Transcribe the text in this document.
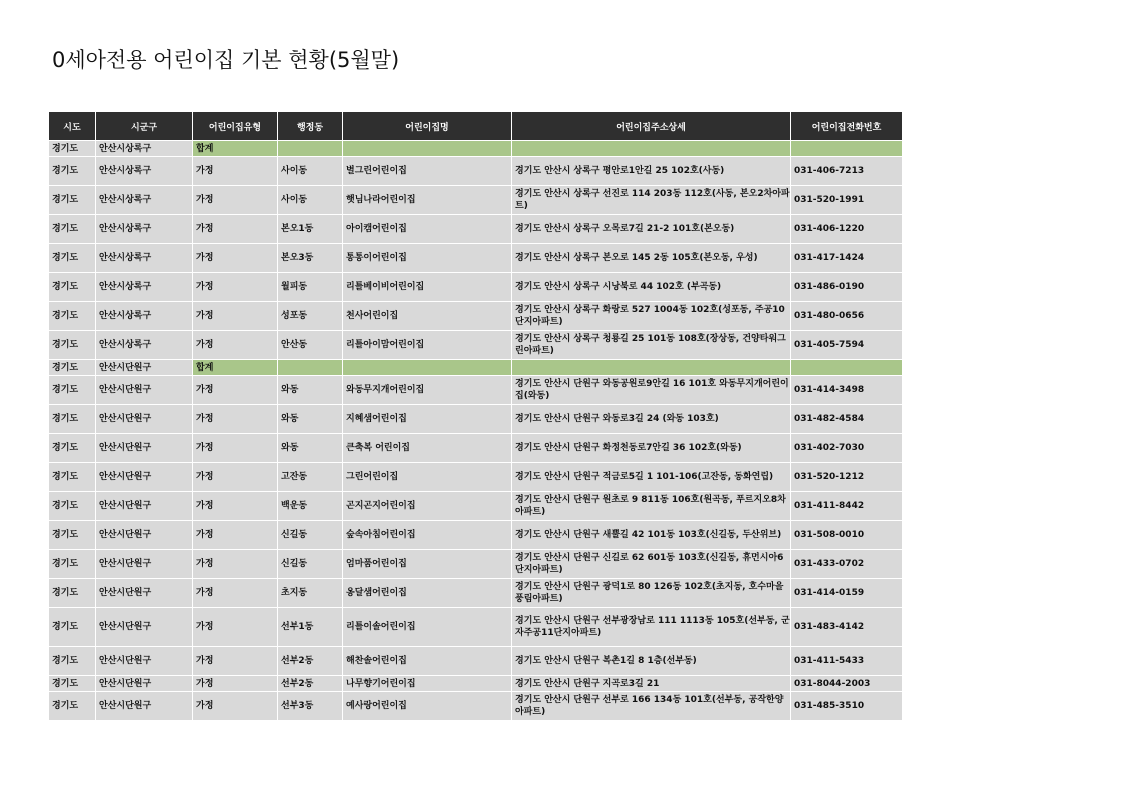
0세아전용 어린이집 기본 현황(5월말)
시도	시군구	어린이집유형	행정동	어린이집명	어린이집주소상세	어린이집전화번호
경기도	안산시상록구	합계				
경기도	안산시상록구	가정	사이동	별그린어린이집	경기도 안산시 상록구 평안로1안길 25 102호(사동)	031-406-7213
경기도	안산시상록구	가정	사이동	햇님나라어린이집	경기도 안산시 상록구 선진로 114 203동 112호(사동, 본오2차아파트)	031-520-1991
경기도	안산시상록구	가정	본오1동	아이캠어린이집	경기도 안산시 상록구 오목로7길 21-2 101호(본오동)	031-406-1220
경기도	안산시상록구	가정	본오3동	통통이어린이집	경기도 안산시 상록구 본오로 145 2동 105호(본오동, 우성)	031-417-1424
경기도	안산시상록구	가정	월피동	리틀베이비어린이집	경기도 안산시 상록구 시낭북로 44 102호 (부곡동)	031-486-0190
경기도	안산시상록구	가정	성포동	천사어린이집	경기도 안산시 상록구 화랑로 527 1004동 102호(성포동, 주공10단지아파트)	031-480-0656
경기도	안산시상록구	가정	안산동	리틀아이맘어린이집	경기도 안산시 상록구 청룡길 25 101동 108호(장상동, 건양타워그린아파트)	031-405-7594
경기도	안산시단원구	합계				
경기도	안산시단원구	가정	와동	와동무지개어린이집	경기도 안산시 단원구 와동공원로9안길 16 101호 와동무지개어린이집(와동)	031-414-3498
경기도	안산시단원구	가정	와동	지혜샘어린이집	경기도 안산시 단원구 와동로3길 24 (와동 103호)	031-482-4584
경기도	안산시단원구	가정	와동	큰축복 어린이집	경기도 안산시 단원구 화정천동로7안길 36 102호(와동)	031-402-7030
경기도	안산시단원구	가정	고잔동	그린어린이집	경기도 안산시 단원구 적금로5길 1 101-106(고잔동, 동화연립)	031-520-1212
경기도	안산시단원구	가정	백운동	곤지곤지어린이집	경기도 안산시 단원구 원초로 9 811동 106호(원곡동, 푸르지오8차아파트)	031-411-8442
경기도	안산시단원구	가정	신길동	숲속아침어린이집	경기도 안산시 단원구 새뿔길 42 101동 103호(신길동, 두산위브)	031-508-0010
경기도	안산시단원구	가정	신길동	엄마품어린이집	경기도 안산시 단원구 신길로 62 601동 103호(신길동, 휴먼시아6단지아파트)	031-433-0702
경기도	안산시단원구	가정	초지동	옹달샘어린이집	경기도 안산시 단원구 광덕1로 80 126동 102호(초지동, 호수마을풍림아파트)	031-414-0159
경기도	안산시단원구	가정	선부1동	리틀이솔어린이집	경기도 안산시 단원구 선부광장남로 111 1113동 105호(선부동, 군자주공11단지아파트)	031-483-4142
경기도	안산시단원구	가정	선부2동	해찬솔어린이집	경기도 안산시 단원구 복촌1길 8 1층(선부동)	031-411-5433
경기도	안산시단원구	가정	선부2동	나무향기어린이집	경기도 안산시 단원구 지곡로3길 21	031-8044-2003
경기도	안산시단원구	가정	선부3동	예사랑어린이집	경기도 안산시 단원구 선부로 166 134동 101호(선부동, 공작한양아파트)	031-485-3510
